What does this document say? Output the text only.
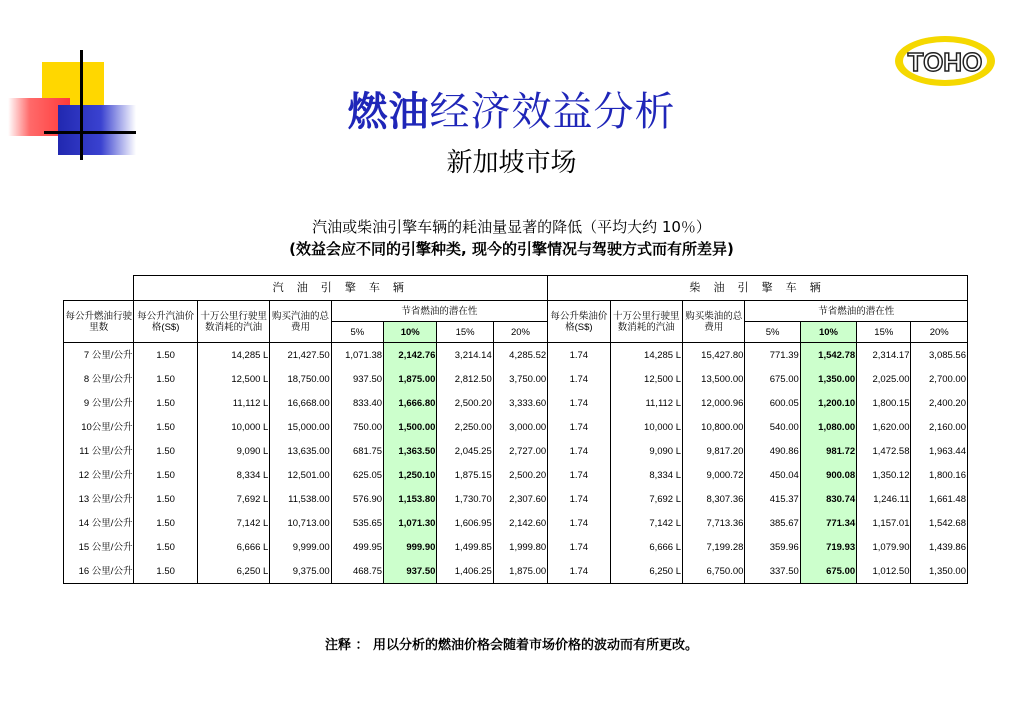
TOHO
燃油经济效益分析
新加坡市场
汽油或柴油引擎车辆的耗油量显著的降低（平均大约 10％）
(效益会应不同的引擎种类, 现今的引擎情况与驾驶方式而有所差异)
	汽 油 引 擎 车 辆							柴 油 引 擎 车 辆						
每公升燃油行驶里数	每公升汽油价格(S$)	十万公里行驶里数消耗的汽油	购买汽油的总费用	节省燃油的潜在性				每公升柴油价格(S$)	十万公里行驶里数消耗的汽油	购买柴油的总费用	节省燃油的潜在性			
				5%	10%	15%	20%				5%	10%	15%	20%
7 公里/公升	1.50	14,285 L	21,427.50	1,071.38	2,142.76	3,214.14	4,285.52	1.74	14,285 L	15,427.80	771.39	1,542.78	2,314.17	3,085.56
8 公里/公升	1.50	12,500 L	18,750.00	937.50	1,875.00	2,812.50	3,750.00	1.74	12,500 L	13,500.00	675.00	1,350.00	2,025.00	2,700.00
9 公里/公升	1.50	11,112 L	16,668.00	833.40	1,666.80	2,500.20	3,333.60	1.74	11,112 L	12,000.96	600.05	1,200.10	1,800.15	2,400.20
10公里/公升	1.50	10,000 L	15,000.00	750.00	1,500.00	2,250.00	3,000.00	1.74	10,000 L	10,800.00	540.00	1,080.00	1,620.00	2,160.00
11 公里/公升	1.50	9,090 L	13,635.00	681.75	1,363.50	2,045.25	2,727.00	1.74	9,090 L	9,817.20	490.86	981.72	1,472.58	1,963.44
12 公里/公升	1.50	8,334 L	12,501.00	625.05	1,250.10	1,875.15	2,500.20	1.74	8,334 L	9,000.72	450.04	900.08	1,350.12	1,800.16
13 公里/公升	1.50	7,692 L	11,538.00	576.90	1,153.80	1,730.70	2,307.60	1.74	7,692 L	8,307.36	415.37	830.74	1,246.11	1,661.48
14 公里/公升	1.50	7,142 L	10,713.00	535.65	1,071.30	1,606.95	2,142.60	1.74	7,142 L	7,713.36	385.67	771.34	1,157.01	1,542.68
15 公里/公升	1.50	6,666 L	9,999.00	499.95	999.90	1,499.85	1,999.80	1.74	6,666 L	7,199.28	359.96	719.93	1,079.90	1,439.86
16 公里/公升	1.50	6,250 L	9,375.00	468.75	937.50	1,406.25	1,875.00	1.74	6,250 L	6,750.00	337.50	675.00	1,012.50	1,350.00
注释 ： 用以分析的燃油价格会随着市场价格的波动而有所更改。
